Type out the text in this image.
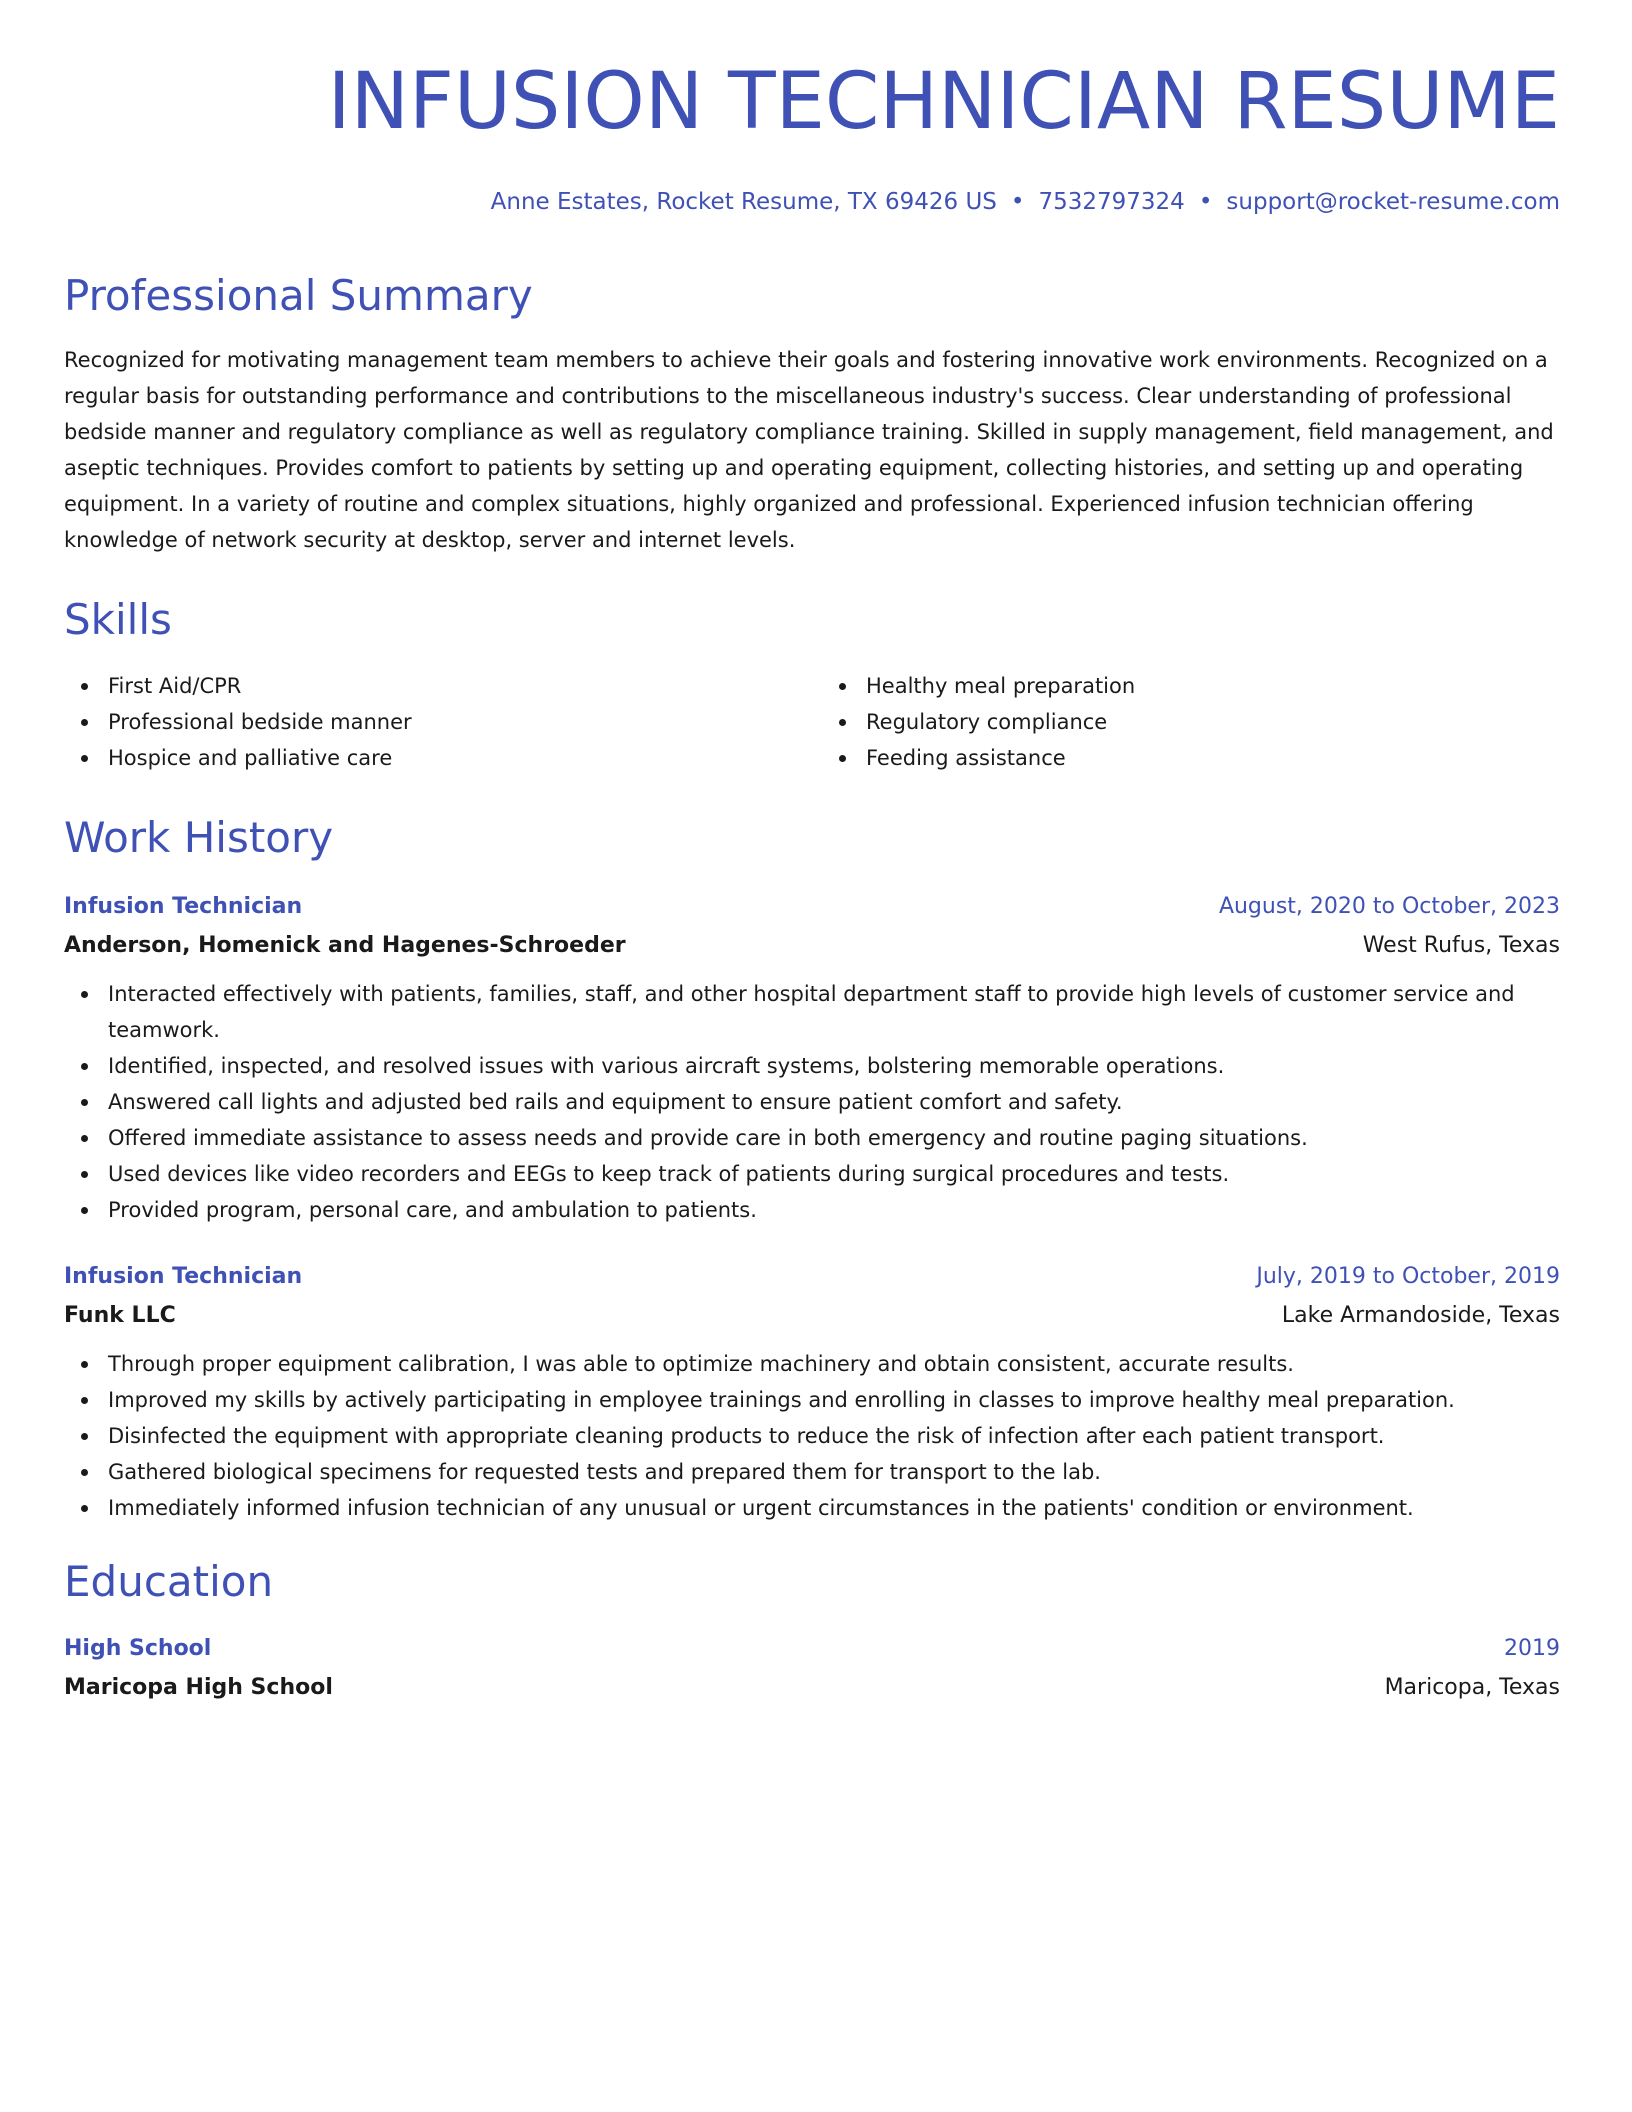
INFUSION TECHNICIAN RESUME
Anne Estates, Rocket Resume, TX 69426 US • 7532797324 • support@rocket-resume.com
Professional Summary
Recognized for motivating management team members to achieve their goals and fostering innovative work environments. Recognized on a regular basis for outstanding performance and contributions to the miscellaneous industry's success. Clear understanding of professional bedside manner and regulatory compliance as well as regulatory compliance training. Skilled in supply management, field management, and aseptic techniques. Provides comfort to patients by setting up and operating equipment, collecting histories, and setting up and operating equipment. In a variety of routine and complex situations, highly organized and professional. Experienced infusion technician offering knowledge of network security at desktop, server and internet levels.
Skills
First Aid/CPR
Professional bedside manner
Hospice and palliative care
Healthy meal preparation
Regulatory compliance
Feeding assistance
Work History
Infusion Technician	August, 2020 to October, 2023
Anderson, Homenick and Hagenes-Schroeder	West Rufus, Texas
Interacted effectively with patients, families, staff, and other hospital department staff to provide high levels of customer service and teamwork.
Identified, inspected, and resolved issues with various aircraft systems, bolstering memorable operations.
Answered call lights and adjusted bed rails and equipment to ensure patient comfort and safety.
Offered immediate assistance to assess needs and provide care in both emergency and routine paging situations.
Used devices like video recorders and EEGs to keep track of patients during surgical procedures and tests.
Provided program, personal care, and ambulation to patients.
Infusion Technician	July, 2019 to October, 2019
Funk LLC	Lake Armandoside, Texas
Through proper equipment calibration, I was able to optimize machinery and obtain consistent, accurate results.
Improved my skills by actively participating in employee trainings and enrolling in classes to improve healthy meal preparation.
Disinfected the equipment with appropriate cleaning products to reduce the risk of infection after each patient transport.
Gathered biological specimens for requested tests and prepared them for transport to the lab.
Immediately informed infusion technician of any unusual or urgent circumstances in the patients' condition or environment.
Education
High School	2019
Maricopa High School	Maricopa, Texas
